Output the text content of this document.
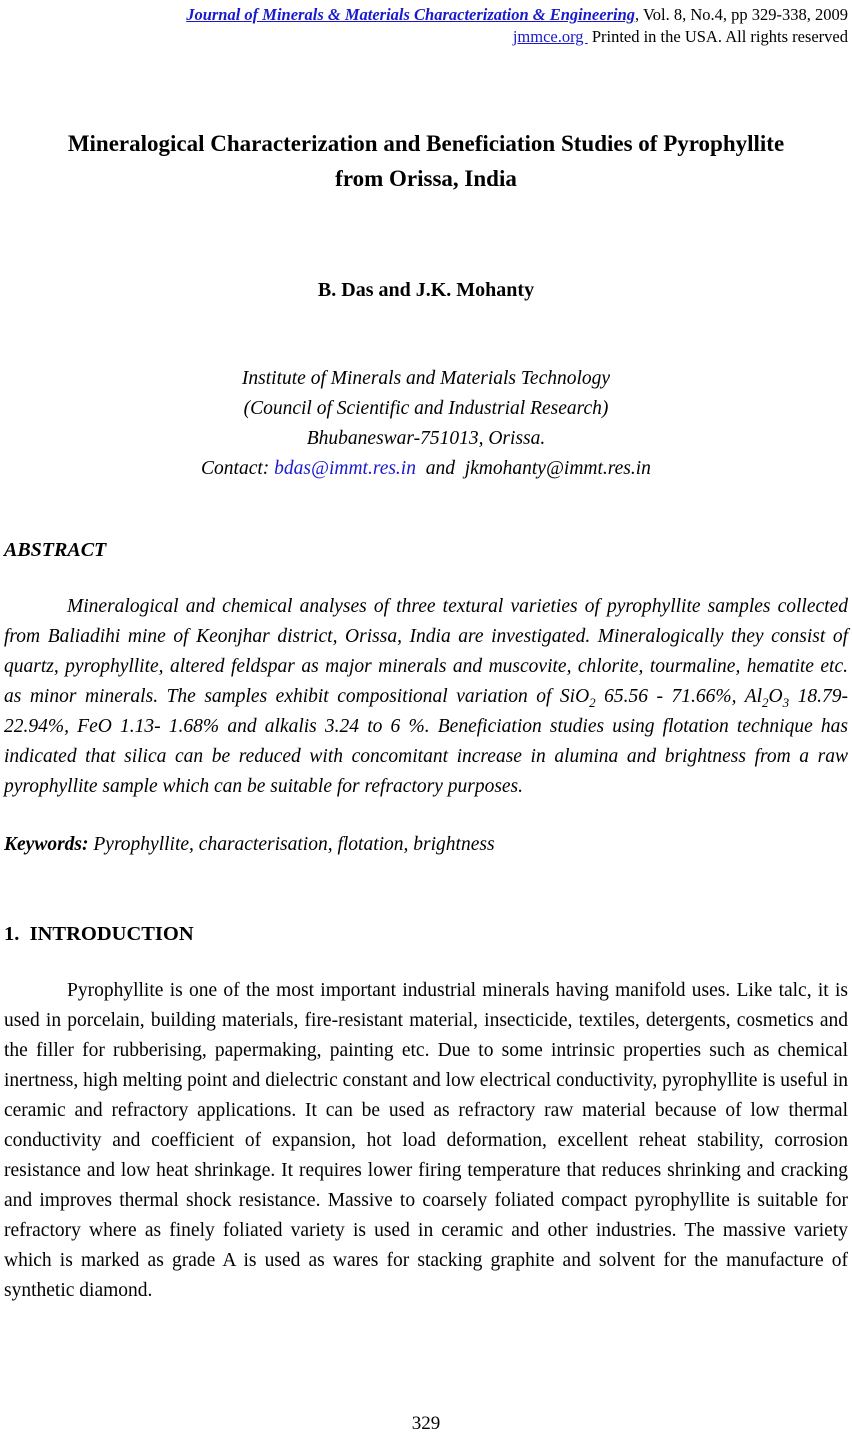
Journal of Minerals & Materials Characterization & Engineering, Vol. 8, No.4, pp 329-338, 2009
jmmce.org  Printed in the USA. All rights reserved
Mineralogical Characterization and Beneficiation Studies of Pyrophyllite
from Orissa, India
B. Das and J.K. Mohanty
Institute of Minerals and Materials Technology
(Council of Scientific and Industrial Research)
Bhubaneswar-751013, Orissa.
Contact: bdas@immt.res.in  and  jkmohanty@immt.res.in
ABSTRACT

Mineralogical and chemical analyses of three textural varieties of pyrophyllite samples collected from Baliadihi mine of Keonjhar district, Orissa, India are investigated. Mineralogically they consist of quartz, pyrophyllite, altered feldspar as major minerals and muscovite, chlorite, tourmaline, hematite etc. as minor minerals. The samples exhibit compositional variation of SiO$_2$ 65.56 - 71.66%, $Al_2O_3$ 18.79- 22.94%, FeO 1.13- 1.68% and alkalis 3.24 to 6 %. Beneficiation studies using flotation technique has indicated that silica can be reduced with concomitant increase in alumina and brightness from a raw pyrophyllite sample which can be suitable for refractory purposes.

Keywords: Pyrophyllite, characterisation, flotation, brightness
1.  INTRODUCTION

Pyrophyllite is one of the most important industrial minerals having manifold uses. Like talc, it is used in porcelain, building materials, fire-resistant material, insecticide, textiles, detergents, cosmetics and the filler for rubberising, papermaking, painting etc. Due to some intrinsic properties such as chemical inertness, high melting point and dielectric constant and low electrical conductivity, pyrophyllite is useful in ceramic and refractory applications. It can be used as refractory raw material because of low thermal conductivity and coefficient of expansion, hot load deformation, excellent reheat stability, corrosion resistance and low heat shrinkage. It requires lower firing temperature that reduces shrinking and cracking and improves thermal shock resistance. Massive to coarsely foliated compact pyrophyllite is suitable for refractory where as finely foliated variety is used in ceramic and other industries. The massive variety which is marked as grade A is used as wares for stacking graphite and solvent for the manufacture of synthetic diamond.

329
